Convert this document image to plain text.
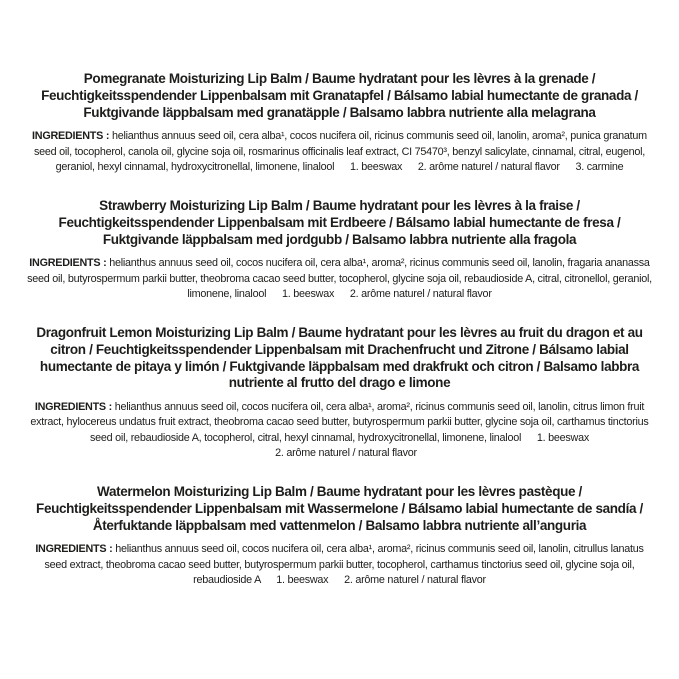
Pomegranate Moisturizing Lip Balm / Baume hydratant pour les lèvres à la grenade / Feuchtigkeitsspendender Lippenbalsam mit Granatapfel / Bálsamo labial humectante de granada / Fuktgivande läppbalsam med granatäpple / Balsamo labbra nutriente alla melagrana

INGREDIENTS : helianthus annuus seed oil, cera alba¹, cocos nucifera oil, ricinus communis seed oil, lanolin, aroma², punica granatum seed oil, tocopherol, canola oil, glycine soja oil, rosmarinus officinalis leaf extract, CI 75470³, benzyl salicylate, cinnamal, citral, eugenol, geraniol, hexyl cinnamal, hydroxycitronellal, limonene, linalool 1. beeswax 2. arôme naturel / natural flavor 3. carmine

Strawberry Moisturizing Lip Balm / Baume hydratant pour les lèvres à la fraise / Feuchtigkeitsspendender Lippenbalsam mit Erdbeere / Bálsamo labial humectante de fresa / Fuktgivande läppbalsam med jordgubb / Balsamo labbra nutriente alla fragola

INGREDIENTS : helianthus annuus seed oil, cocos nucifera oil, cera alba¹, aroma², ricinus communis seed oil, lanolin, fragaria ananassa seed oil, butyrospermum parkii butter, theobroma cacao seed butter, tocopherol, glycine soja oil, rebaudioside A, citral, citronellol, geraniol, limonene, linalool 1. beeswax 2. arôme naturel / natural flavor

Dragonfruit Lemon Moisturizing Lip Balm / Baume hydratant pour les lèvres au fruit du dragon et au citron / Feuchtigkeitsspendender Lippenbalsam mit Drachenfrucht und Zitrone / Bálsamo labial humectante de pitaya y limón / Fuktgivande läppbalsam med drakfrukt och citron / Balsamo labbra nutriente al frutto del drago e limone

INGREDIENTS : helianthus annuus seed oil, cocos nucifera oil, cera alba¹, aroma², ricinus communis seed oil, lanolin, citrus limon fruit extract, hylocereus undatus fruit extract, theobroma cacao seed butter, butyrospermum parkii butter, glycine soja oil, carthamus tinctorius seed oil, rebaudioside A, tocopherol, citral, hexyl cinnamal, hydroxycitronellal, limonene, linalool 1. beeswax 2. arôme naturel / natural flavor

Watermelon Moisturizing Lip Balm / Baume hydratant pour les lèvres pastèque / Feuchtigkeitsspendender Lippenbalsam mit Wassermelone / Bálsamo labial humectante de sandía / Återfuktande läppbalsam med vattenmelon / Balsamo labbra nutriente all’anguria

INGREDIENTS : helianthus annuus seed oil, cocos nucifera oil, cera alba¹, aroma², ricinus communis seed oil, lanolin, citrullus lanatus seed extract, theobroma cacao seed butter, butyrospermum parkii butter, tocopherol, carthamus tinctorius seed oil, glycine soja oil, rebaudioside A 1. beeswax 2. arôme naturel / natural flavor
